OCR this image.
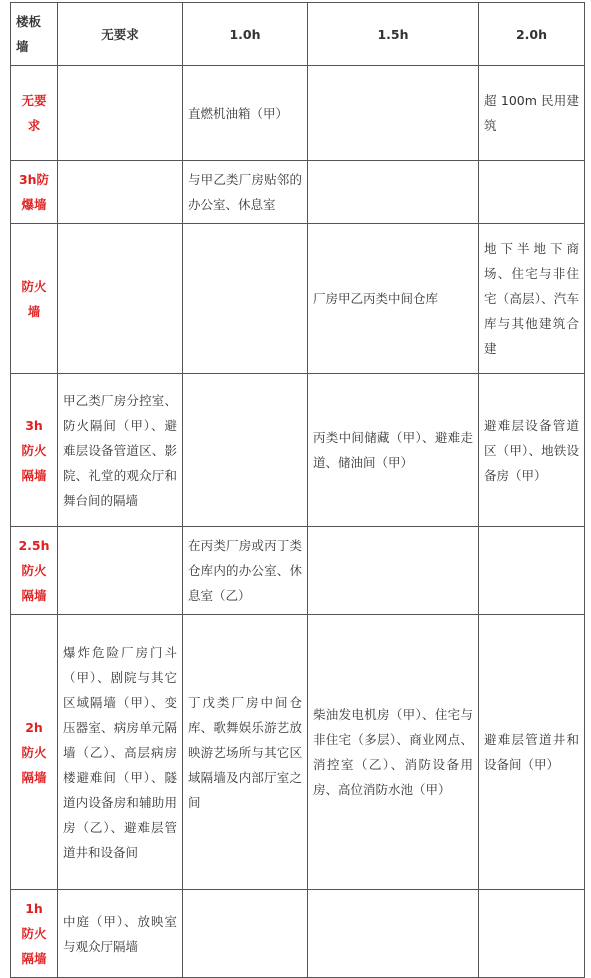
楼板
墙	无要求	1.0h	1.5h	2.0h
无要
求		直燃机油箱（甲）		超 100m 民用建筑
3h防
爆墙		与甲乙类厂房贴邻的办公室、休息室		
防火
墙			厂房甲乙丙类中间仓库	地下半地下商场、住宅与非住宅（高层）、汽车库与其他建筑合建
3h
防火
隔墙	甲乙类厂房分控室、防火隔间（甲）、避难层设备管道区、影院、礼堂的观众厅和舞台间的隔墙		丙类中间储藏（甲）、避难走道、储油间（甲）	避难层设备管道区（甲）、地铁设备房（甲）
2.5h
防火
隔墙		在丙类厂房或丙丁类仓库内的办公室、休息室（乙）		
2h
防火
隔墙	爆炸危险厂房门斗（甲）、剧院与其它区域隔墙（甲）、变压器室、病房单元隔墙（乙）、高层病房楼避难间（甲）、隧道内设备房和辅助用房（乙）、避难层管道井和设备间	丁戊类厂房中间仓库、歌舞娱乐游艺放映游艺场所与其它区域隔墙及内部厅室之间	柴油发电机房（甲）、住宅与非住宅（多层）、商业网点、消控室（乙）、消防设备用房、高位消防水池（甲）	避难层管道井和设备间（甲）
1h
防火
隔墙	中庭（甲）、放映室与观众厅隔墙			
